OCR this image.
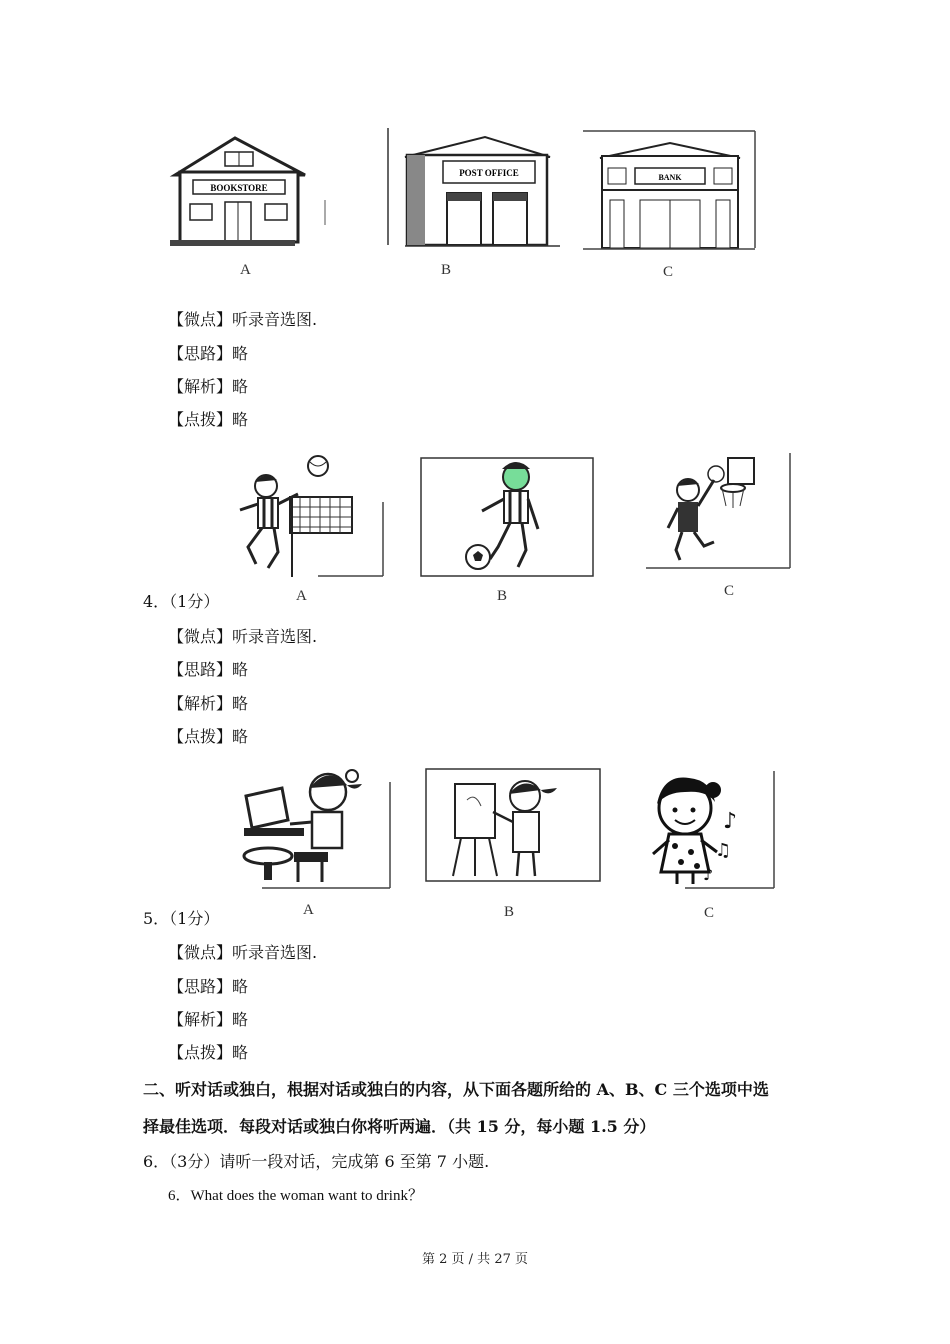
BOOKSTORE
POST OFFICE	BANK
A	B	C
【微点】听录音选图.
【思路】略
【解析】略
【点拨】略
4．（1分）	A	B	C
【微点】听录音选图.
【思路】略
【解析】略
【点拨】略
♪
♫
♪
5．（1分）	A	B	C
【微点】听录音选图.
【思路】略
【解析】略
【点拨】略
二、听对话或独白，根据对话或独白的内容，从下面各题所给的 A、B、C 三个选项中选
择最佳选项．每段对话或独白你将听两遍．（共 15 分，每小题 1.5 分）
6．（3分）请听一段对话，完成第 6 至第 7 小题.
6．What does the woman want to drink？
第 2 页 / 共 27 页
